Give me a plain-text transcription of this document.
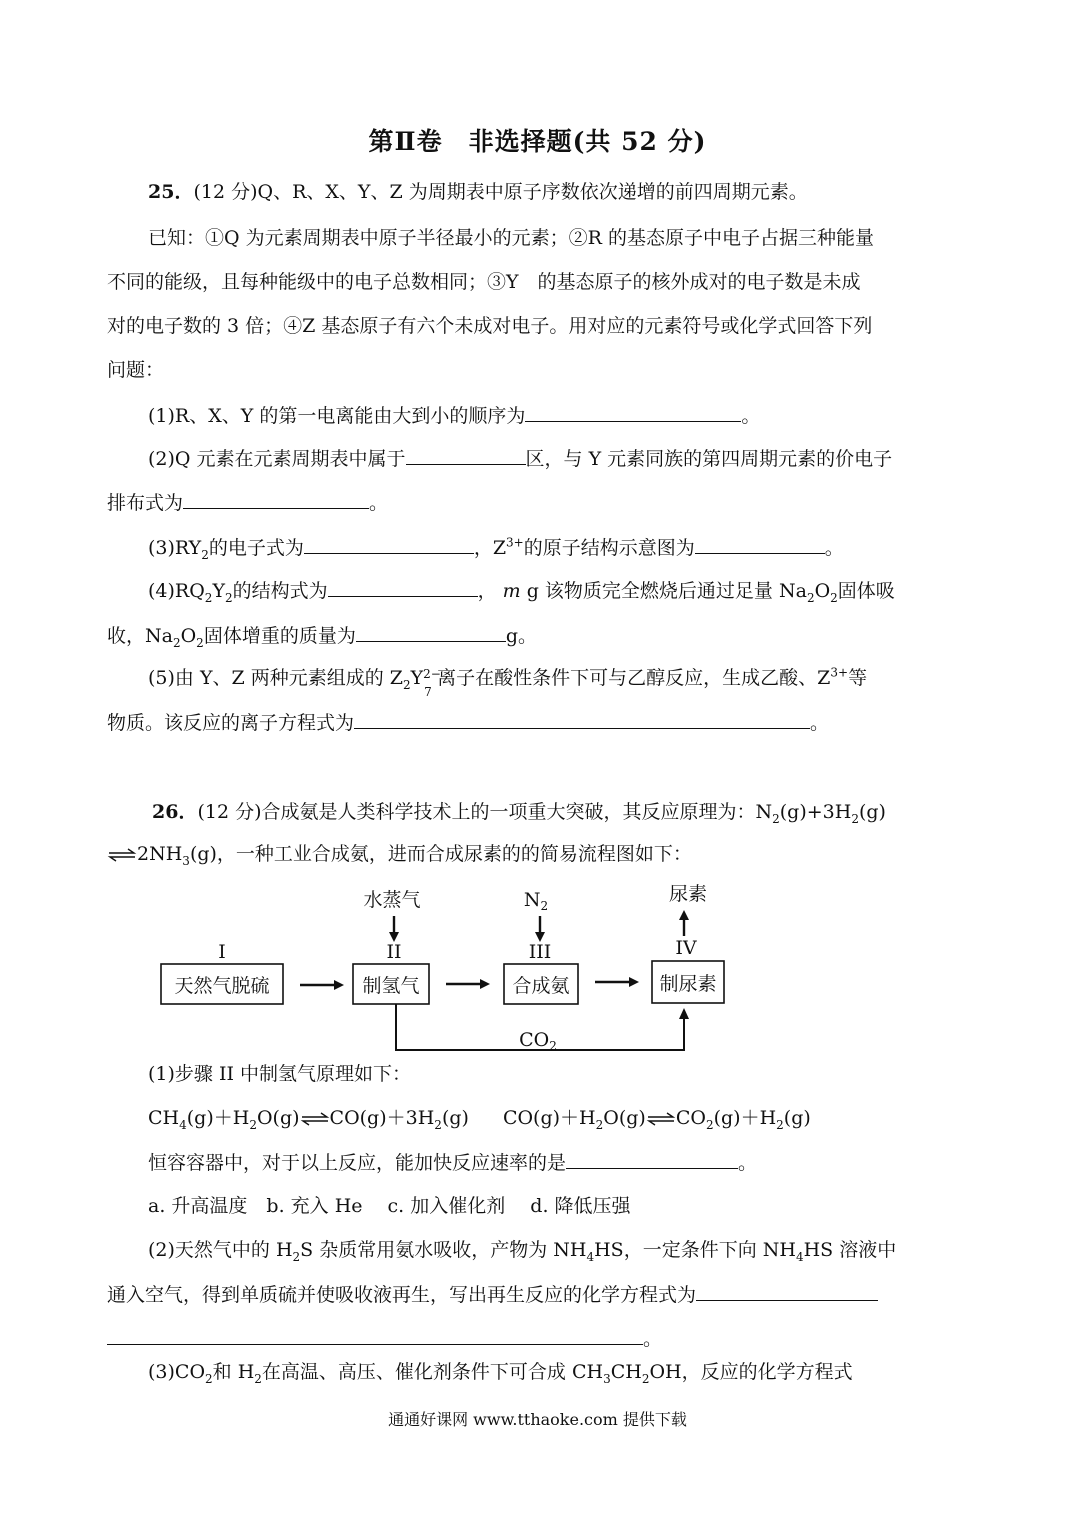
第Ⅱ卷　非选择题(共 52 分)
25．(12 分)Q、R、X、Y、Z 为周期表中原子序数依次递增的前四周期元素。
已知：①Q 为元素周期表中原子半径最小的元素；②R 的基态原子中电子占据三种能量
不同的能级，且每种能级中的电子总数相同；③Y　的基态原子的核外成对的电子数是未成
对的电子数的 3 倍；④Z 基态原子有六个未成对电子。用对应的元素符号或化学式回答下列
问题：
(1)R、X、Y 的第一电离能由大到小的顺序为	。
(2)Q 元素在元素周期表中属于	区，与 Y 元素同族的第四周期元素的价电子
排布式为	。
$(3)RY_2$的电子式为	，$Z^{3+}$的原子结构示意图为	。
$(4)RQ_2Y_2$的结构式为	， m g 该物质完全燃烧后通过足量 $Na_2O_2$固体吸
收，$Na_2O_2$固体增重的质量为	g。
(5)由 Y、Z 两种元素组成的 $Z_2Y$ 2−
7
离子在酸性条件下可与乙醇反应，生成乙酸、$Z^{3+}$等
物质。该反应的离子方程式为	。
26．(12 分)合成氨是人类科学技术上的一项重大突破，其反应原理为：$N_2(g)+3H_2(g)$
$\rightleftharpoons 2NH_3(g)$，一种工业合成氨，进而合成尿素的的简易流程图如下：
I
天然气脱硫
水蒸气
II
制氢气
$N_2$
III
合成氨
尿素
IV
制尿素
$CO_2$
(1)步骤 II 中制氢气原理如下：
$CH_4(g)+H_2O(g)\rightleftharpoons CO(g)+3H_2(g)$ $CO(g)+H_2O(g)\rightleftharpoons CO_2(g)+H_2(g)$
恒容容器中，对于以上反应，能加快反应速率的是	。
a. 升高温度　b. 充入 He　 c. 加入催化剂　 d. 降低压强
(2)天然气中的 $H_2S$ 杂质常用氨水吸收，产物为 $NH_4HS$，一定条件下向 $NH_4HS$ 溶液中
通入空气，得到单质硫并使吸收液再生，写出再生反应的化学方程式为
。
$(3)CO_2$和 $H_2$在高温、高压、催化剂条件下可合成 $CH_3CH_2OH$，反应的化学方程式
通通好课网 www.tthaoke.com 提供下载
